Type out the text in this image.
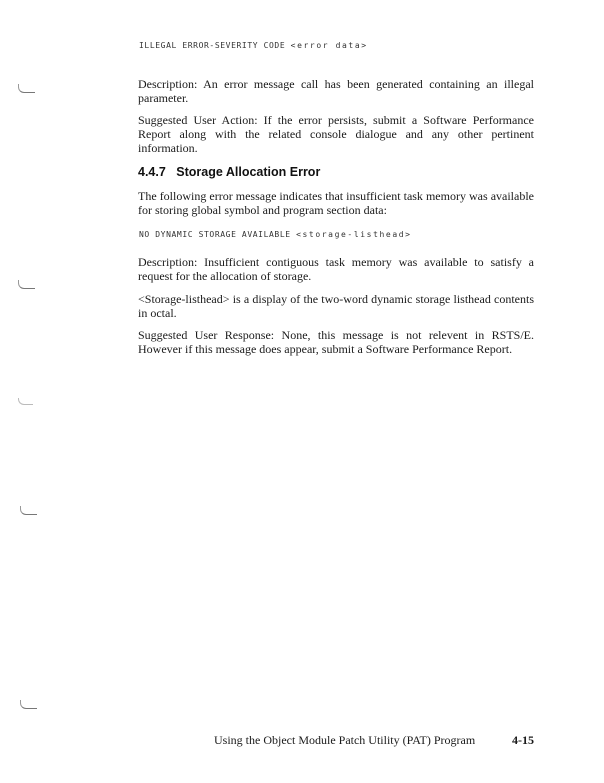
ILLEGAL ERROR-SEVERITY CODE <error data>

Description: An error message call has been generated containing an illegal parameter.

Suggested User Action: If the error persists, submit a Software Performance Report along with the related console dialogue and any other pertinent information.

4.4.7 Storage Allocation Error

The following error message indicates that insufficient task memory was available for storing global symbol and program section data:

NO DYNAMIC STORAGE AVAILABLE <storage-listhead>

Description: Insufficient contiguous task memory was available to satisfy a request for the allocation of storage.

<Storage-listhead> is a display of the two-word dynamic storage listhead contents in octal.

Suggested User Response: None, this message is not relevent in RSTS/E. However if this message does appear, submit a Software Performance Report.

Using the Object Module Patch Utility (PAT) Program	4-15
